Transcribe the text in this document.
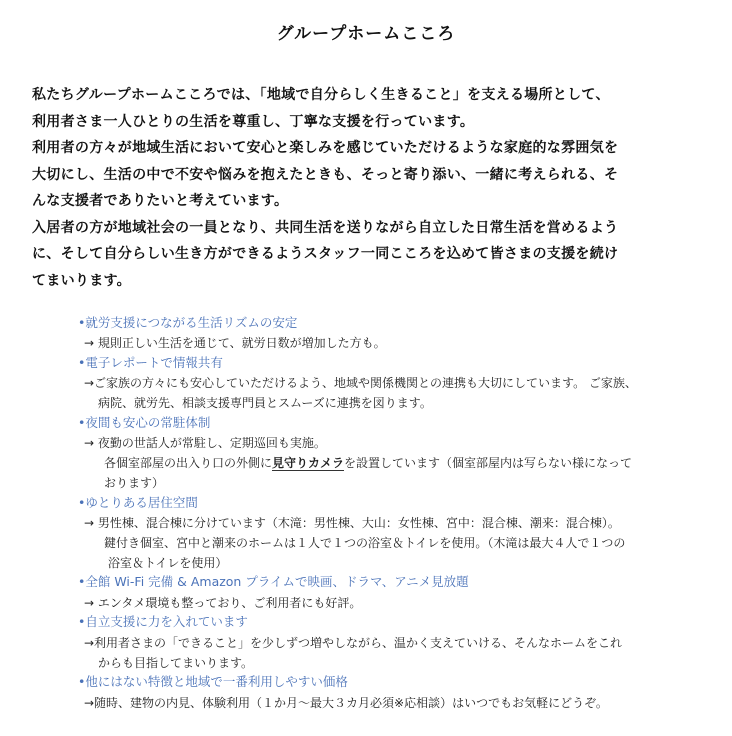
グループホームこころ
私たちグループホームこころでは、「地域で自分らしく生きること」を支える場所として、
利用者さま一人ひとりの生活を尊重し、丁寧な支援を行っています。
利用者の方々が地域生活において安心と楽しみを感じていただけるような家庭的な雰囲気を
大切にし、生活の中で不安や悩みを抱えたときも、そっと寄り添い、一緒に考えられる、そ
んな支援者でありたいと考えています。
入居者の方が地域社会の一員となり、共同生活を送りながら自立した日常生活を営めるよう
に、そして自分らしい生き方ができるようスタッフ一同こころを込めて皆さまの支援を続け
てまいります。
•就労支援につながる生活リズムの安定
→ 規則正しい生活を通じて、就労日数が増加した方も。
•電子レポートで情報共有
→ご家族の方々にも安心していただけるよう、地域や関係機関との連携も大切にしています。 ご家族、
病院、就労先、相談支援専門員とスムーズに連携を図ります。
•夜間も安心の常駐体制
→ 夜勤の世話人が常駐し、定期巡回も実施。
各個室部屋の出入り口の外側に見守りカメラを設置しています（個室部屋内は写らない様になって
おります）
•ゆとりある居住空間
→ 男性棟、混合棟に分けています（木滝：男性棟、大山：女性棟、宮中：混合棟、潮来：混合棟）。
鍵付き個室、宮中と潮来のホームは１人で１つの浴室＆トイレを使用。（木滝は最大４人で１つの
浴室＆トイレを使用）
•全館 Wi-Fi 完備 & Amazon プライムで映画、ドラマ、アニメ見放題
→ エンタメ環境も整っており、ご利用者にも好評。
•自立支援に力を入れています
→利用者さまの「できること」を少しずつ増やしながら、温かく支えていける、そんなホームをこれ
からも目指してまいります。
•他にはない特徴と地域で一番利用しやすい価格
→随時、建物の内見、体験利用（１か月～最大３カ月必須※応相談）はいつでもお気軽にどうぞ。
